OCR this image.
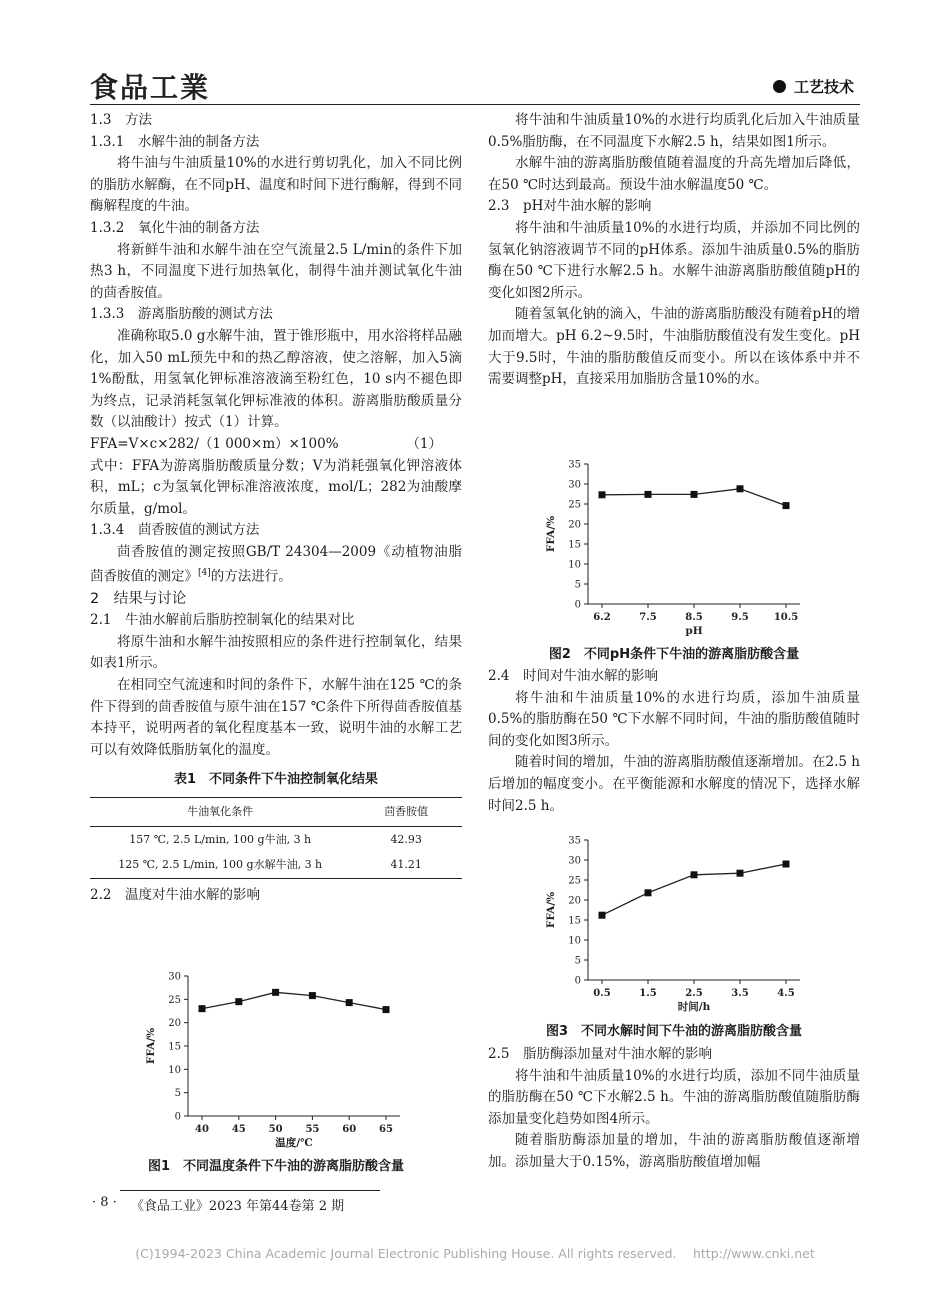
食品工業	工艺技术

1.3　方法

1.3.1　水解牛油的制备方法

将牛油与牛油质量10%的水进行剪切乳化，加入不同比例的脂肪水解酶，在不同pH、温度和时间下进行酶解，得到不同酶解程度的牛油。

1.3.2　氧化牛油的制备方法

将新鲜牛油和水解牛油在空气流量2.5 L/min的条件下加热3 h，不同温度下进行加热氧化，制得牛油并测试氧化牛油的茴香胺值。

1.3.3　游离脂肪酸的测试方法

准确称取5.0 g水解牛油，置于锥形瓶中，用水浴将样品融化，加入50 mL预先中和的热乙醇溶液，使之溶解，加入5滴1%酚酞，用氢氧化钾标准溶液滴至粉红色，10 s内不褪色即为终点，记录消耗氢氧化钾标准液的体积。游离脂肪酸质量分数（以油酸计）按式（1）计算。

FFA=V×c×282/（1 000×m）×100%	（1）

式中：FFA为游离脂肪酸质量分数；V为消耗强氧化钾溶液体积，mL；c为氢氧化钾标准溶液浓度，mol/L；282为油酸摩尔质量，g/mol。

1.3.4　茴香胺值的测试方法

茴香胺值的测定按照GB/T 24304—2009《动植物油脂茴香胺值的测定》[4]的方法进行。

2　结果与讨论

2.1　牛油水解前后脂肪控制氧化的结果对比

将原牛油和水解牛油按照相应的条件进行控制氧化，结果如表1所示。

在相同空气流速和时间的条件下，水解牛油在125 ℃的条件下得到的茴香胺值与原牛油在157 ℃条件下所得茴香胺值基本持平，说明两者的氧化程度基本一致，说明牛油的水解工艺可以有效降低脂肪氧化的温度。

表1　不同条件下牛油控制氧化结果

牛油氧化条件	茴香胺值
157 ℃, 2.5 L/min, 100 g牛油, 3 h	42.93
125 ℃, 2.5 L/min, 100 g水解牛油, 3 h	41.21

2.2　温度对牛油水解的影响

0
5
10
15
20
25
30
40 45 50 55 60 65
温度/℃
FFA/%
图1　不同温度条件下牛油的游离脂肪酸含量

将牛油和牛油质量10%的水进行均质乳化后加入牛油质量0.5%脂肪酶，在不同温度下水解2.5 h，结果如图1所示。

水解牛油的游离脂肪酸值随着温度的升高先增加后降低，在50 ℃时达到最高。预设牛油水解温度50 ℃。

2.3　pH对牛油水解的影响

将牛油和牛油质量10%的水进行均质，并添加不同比例的氢氧化钠溶液调节不同的pH体系。添加牛油质量0.5%的脂肪酶在50 ℃下进行水解2.5 h。水解牛油游离脂肪酸值随pH的变化如图2所示。

随着氢氧化钠的滴入，牛油的游离脂肪酸没有随着pH的增加而增大。pH 6.2~9.5时，牛油脂肪酸值没有发生变化。pH大于9.5时，牛油的脂肪酸值反而变小。所以在该体系中并不需要调整pH，直接采用加脂肪含量10%的水。

0
5
10
15
20
25
30
35
6.2	7.5	8.5	9.5	10.5
pH
FFA/%
图2　不同pH条件下牛油的游离脂肪酸含量

2.4　时间对牛油水解的影响

将牛油和牛油质量10%的水进行均质，添加牛油质量0.5%的脂肪酶在50 ℃下水解不同时间，牛油的脂肪酸值随时间的变化如图3所示。

随着时间的增加，牛油的游离脂肪酸值逐渐增加。在2.5 h后增加的幅度变小。在平衡能源和水解度的情况下，选择水解时间2.5 h。

0
5
10
15
20
25
30
35
0.5	1.5	2.5	3.5	4.5
时间/h
FFA/%
图3　不同水解时间下牛油的游离脂肪酸含量

2.5　脂肪酶添加量对牛油水解的影响

将牛油和牛油质量10%的水进行均质，添加不同牛油质量的脂肪酶在50 ℃下水解2.5 h。牛油的游离脂肪酸值随脂肪酶添加量变化趋势如图4所示。

随着脂肪酶添加量的增加，牛油的游离脂肪酸值逐渐增加。添加量大于0.15%，游离脂肪酸值增加幅

· 8 · 《食品工业》2023 年第44卷第 2 期
(C)1994-2023 China Academic Journal Electronic Publishing House. All rights reserved.　 http://www.cnki.net
